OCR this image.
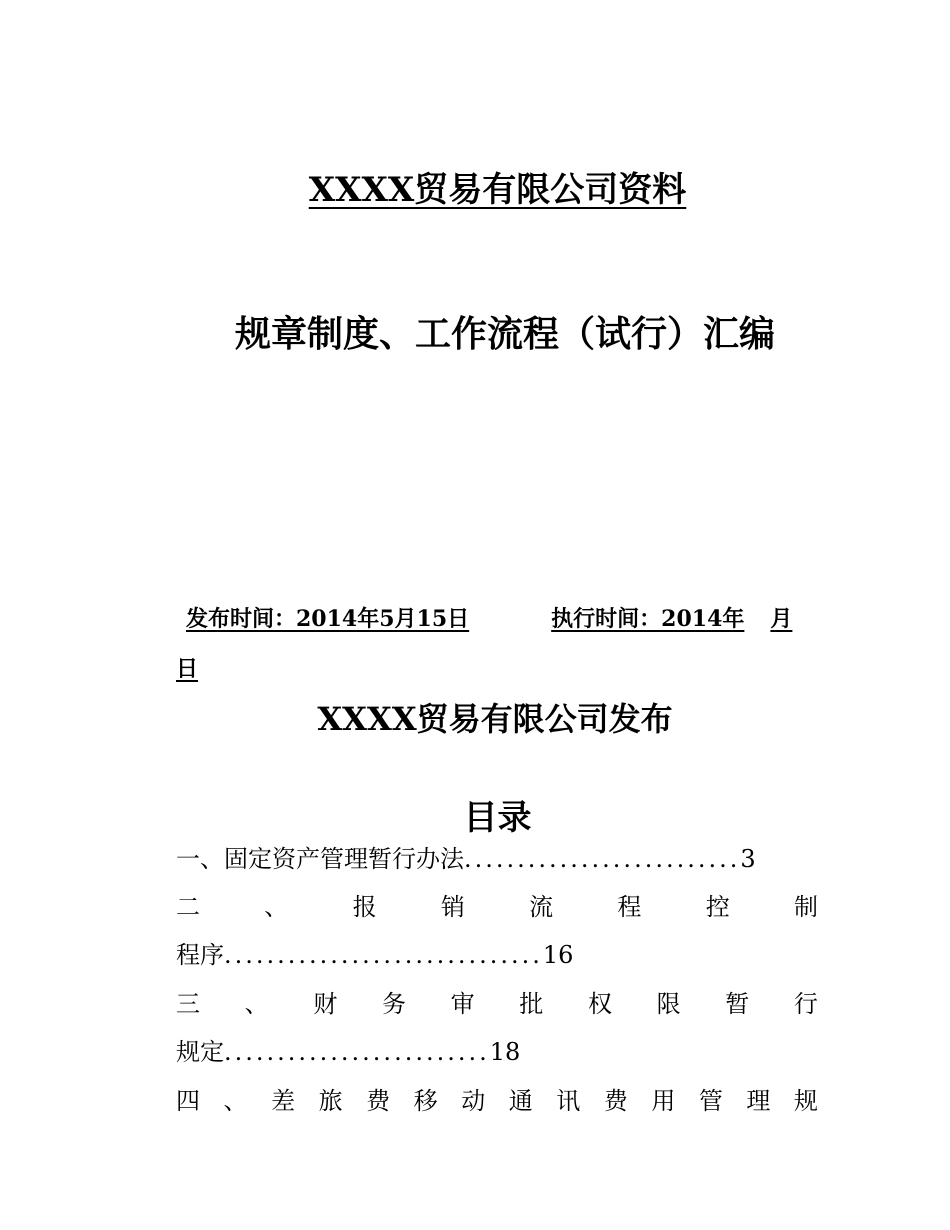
XXXX贸易有限公司资料
规章制度、工作流程（试行）汇编
发布时间：2014年5月15日	执行时间：2014年 月
日
XXXX贸易有限公司发布
目录
一、固定资产管理暂行办法..........................3
二	、	报	销	流	程	控	制
程序..............................16
三 、 财 务 审 批 权 限 暂 行
规定.........................18
四 、 差 旅 费 移 动 通 讯 费 用 管 理 规
